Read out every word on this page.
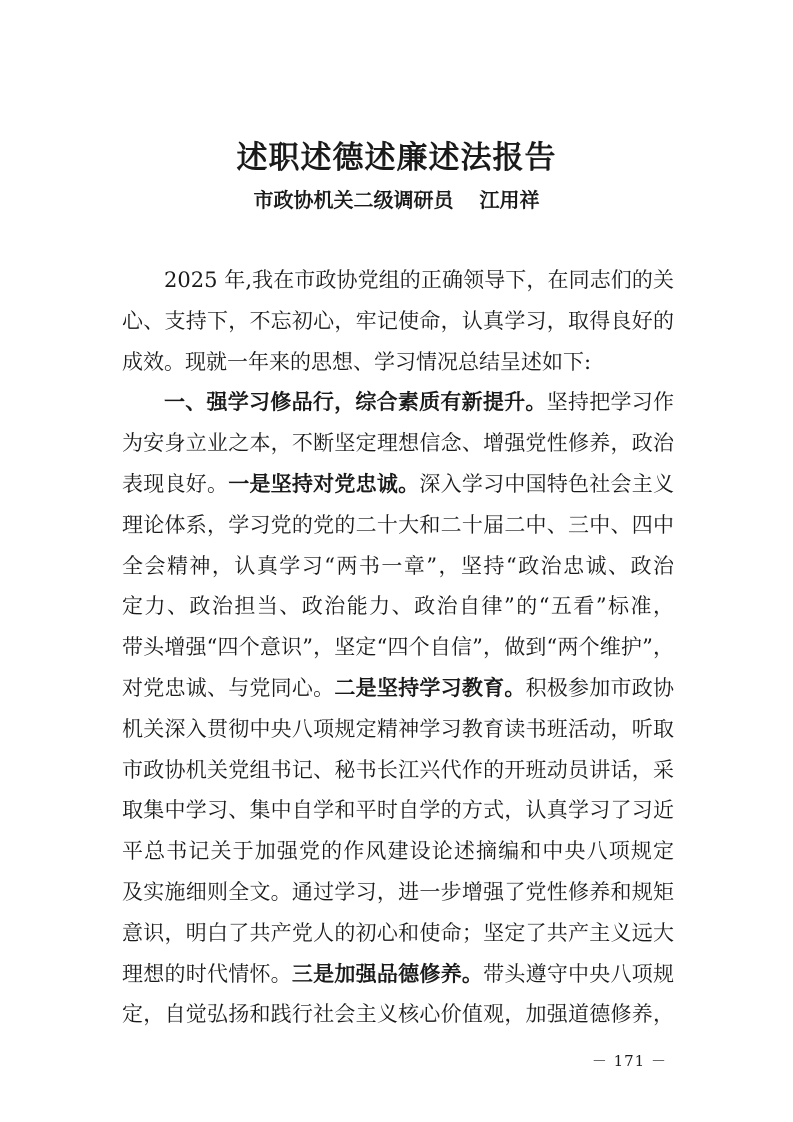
述职述德述廉述法报告
市政协机关二级调研员 江用祥
2025 年,我在市政协党组的正确领导下，在同志们的关
心、支持下，不忘初心，牢记使命，认真学习，取得良好的
成效。现就一年来的思想、学习情况总结呈述如下:
一、强学习修品行，综合素质有新提升。坚持把学习作
为安身立业之本，不断坚定理想信念、增强党性修养，政治
表现良好。一是坚持对党忠诚。深入学习中国特色社会主义
理论体系，学习党的党的二十大和二十届二中、三中、四中
全会精神，认真学习“两书一章”，坚持“政治忠诚、政治
定力、政治担当、政治能力、政治自律”的“五看”标准，
带头增强“四个意识”，坚定“四个自信”，做到“两个维护”，
对党忠诚、与党同心。二是坚持学习教育。积极参加市政协
机关深入贯彻中央八项规定精神学习教育读书班活动，听取
市政协机关党组书记、秘书长江兴代作的开班动员讲话，采
取集中学习、集中自学和平时自学的方式，认真学习了习近
平总书记关于加强党的作风建设论述摘编和中央八项规定
及实施细则全文。通过学习，进一步增强了党性修养和规矩
意识，明白了共产党人的初心和使命；坚定了共产主义远大
理想的时代情怀。三是加强品德修养。带头遵守中央八项规
定，自觉弘扬和践行社会主义核心价值观，加强道德修养，
－ 171 －
